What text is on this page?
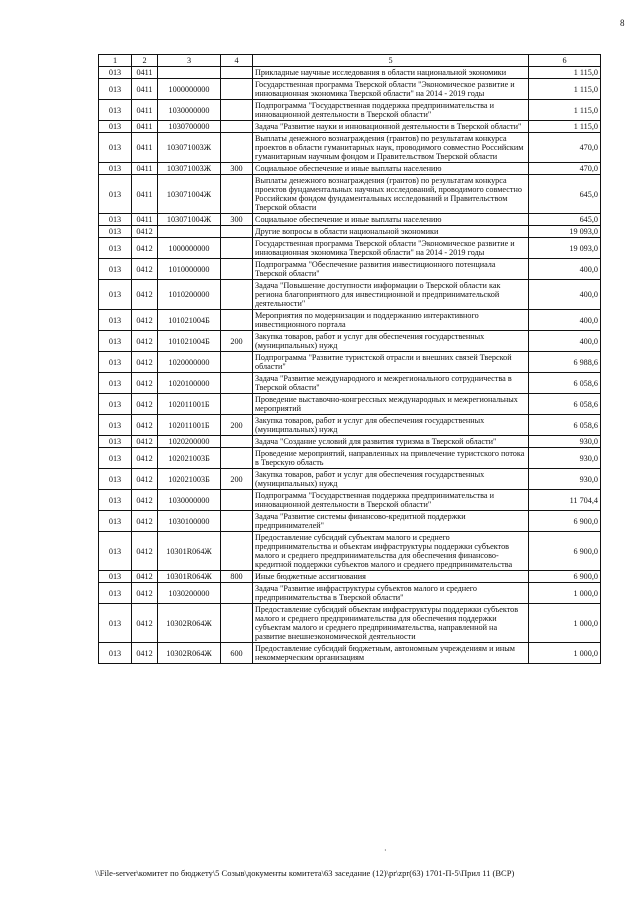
8
1	2	3	4	5	6
013	0411			Прикладные научные исследования в области национальной экономики	1 115,0
013	0411	1000000000		Государственная программа Тверской области "Экономическое развитие и инновационная экономика Тверской области" на 2014 - 2019 годы	1 115,0
013	0411	1030000000		Подпрограмма "Государственная поддержка предпринимательства и инновационной деятельности в Тверской области"	1 115,0
013	0411	1030700000		Задача "Развитие науки и инновационной деятельности в Тверской области"	1 115,0
013	0411	103071003Ж		Выплаты денежного вознаграждения (грантов) по результатам конкурса проектов в области гуманитарных наук, проводимого совместно Российским гуманитарным научным фондом и Правительством Тверской области	470,0
013	0411	103071003Ж	300	Социальное обеспечение и иные выплаты населению	470,0
013	0411	103071004Ж		Выплаты денежного вознаграждения (грантов) по результатам конкурса проектов фундаментальных научных исследований, проводимого совместно Российским фондом фундаментальных исследований и Правительством Тверской области	645,0
013	0411	103071004Ж	300	Социальное обеспечение и иные выплаты населению	645,0
013	0412			Другие вопросы в области национальной экономики	19 093,0
013	0412	1000000000		Государственная программа Тверской области "Экономическое развитие и инновационная экономика Тверской области" на 2014 - 2019 годы	19 093,0
013	0412	1010000000		Подпрограмма "Обеспечение развития инвестиционного потенциала Тверской области"	400,0
013	0412	1010200000		Задача "Повышение доступности информации о Тверской области как региона благоприятного для инвестиционной и предпринимательской деятельности"	400,0
013	0412	101021004Б		Мероприятия по модернизации и поддержанию интерактивного инвестиционного портала	400,0
013	0412	101021004Б	200	Закупка товаров, работ и услуг для обеспечения государственных (муниципальных) нужд	400,0
013	0412	1020000000		Подпрограмма "Развитие туристской отрасли и внешних связей Тверской области"	6 988,6
013	0412	1020100000		Задача "Развитие международного и межрегионального сотрудничества в Тверской области"	6 058,6
013	0412	102011001Б		Проведение выставочно-конгрессных международных и межрегиональных мероприятий	6 058,6
013	0412	102011001Б	200	Закупка товаров, работ и услуг для обеспечения государственных (муниципальных) нужд	6 058,6
013	0412	1020200000		Задача "Создание условий для развития туризма в Тверской области"	930,0
013	0412	102021003Б		Проведение мероприятий, направленных на привлечение туристского потока в Тверскую область	930,0
013	0412	102021003Б	200	Закупка товаров, работ и услуг для обеспечения государственных (муниципальных) нужд	930,0
013	0412	1030000000		Подпрограмма "Государственная поддержка предпринимательства и инновационной деятельности в Тверской области"	11 704,4
013	0412	1030100000		Задача "Развитие системы финансово-кредитной поддержки предпринимателей"	6 900,0
013	0412	10301R064Ж		Предоставление субсидий субъектам малого и среднего предпринимательства и объектам инфраструктуры поддержки субъектов малого и среднего предпринимательства для обеспечения финансово-кредитной поддержки субъектов малого и среднего предпринимательства	6 900,0
013	0412	10301R064Ж	800	Иные бюджетные ассигнования	6 900,0
013	0412	1030200000		Задача "Развитие инфраструктуры субъектов малого и среднего предпринимательства в Тверской области"	1 000,0
013	0412	10302R064Ж		Предоставление субсидий объектам инфраструктуры поддержки субъектов малого и среднего предпринимательства для обеспечения поддержки субъектам малого и среднего предпринимательства, направленной на развитие внешнеэкономической деятельности	1 000,0
013	0412	10302R064Ж	600	Предоставление субсидий бюджетным, автономным учреждениям и иным некоммерческим организациям	1 000,0
·
\\File-server\комитет по бюджету\5 Созыв\документы комитета\63 заседание (12)\pr\zpr(63) 1701-П-5\Прил 11 (ВСР)
